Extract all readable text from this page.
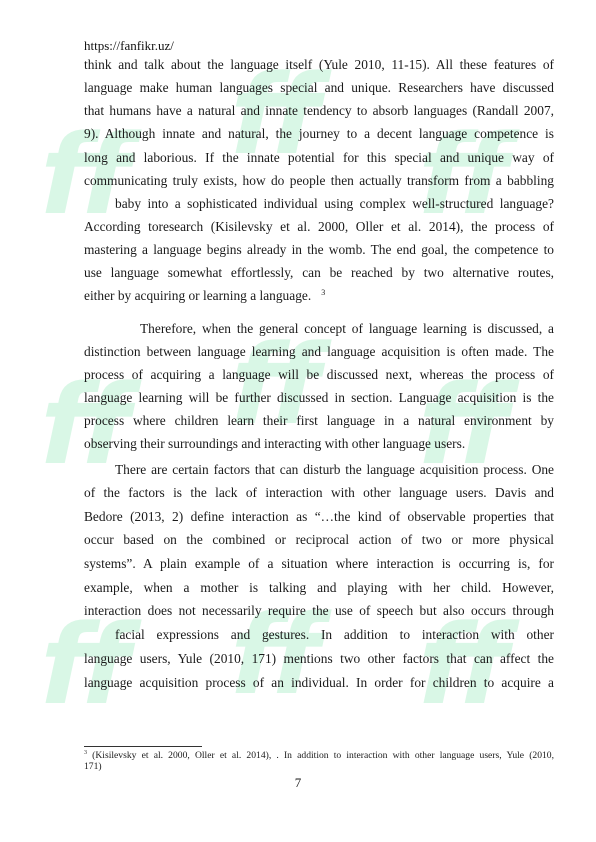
ff ff ff
ff ff ff
ff ff ff
https://fanfikr.uz/
think and talk about the language itself (Yule 2010, 11-15). All these features of
language make human languages special and unique. Researchers have discussed
that humans have a natural and innate tendency to absorb languages (Randall 2007,
9). Although innate and natural, the journey to a decent language competence is
long and laborious. If the innate potential for this special and unique way of
communicating truly exists, how do people then actually transform from a babbling
baby into a sophisticated individual using complex well-structured language?
According toresearch (Kisilevsky et al. 2000, Oller et al. 2014), the process of
mastering a language begins already in the womb. The end goal, the competence to
use language somewhat effortlessly, can be reached by two alternative routes,
either by acquiring or learning a language. $^3$
Therefore, when the general concept of language learning is discussed, a
distinction between language learning and language acquisition is often made. The
process of acquiring a language will be discussed next, whereas the process of
language learning will be further discussed in section. Language acquisition is the
process where children learn their first language in a natural environment by
observing their surroundings and interacting with other language users.
There are certain factors that can disturb the language acquisition process. One
of the factors is the lack of interaction with other language users. Davis and
Bedore (2013, 2) define interaction as “…the kind of observable properties that
occur based on the combined or reciprocal action of two or more physical
systems”. A plain example of a situation where interaction is occurring is, for
example, when a mother is talking and playing with her child. However,
interaction does not necessarily require the use of speech but also occurs through
facial expressions and gestures. In addition to interaction with other
language users, Yule (2010, 171) mentions two other factors that can affect the
language acquisition process of an individual. In order for children to acquire a
$^3$ (Kisilevsky et al. 2000, Oller et al. 2014), . In addition to interaction with other language users, Yule (2010,
171)
7
